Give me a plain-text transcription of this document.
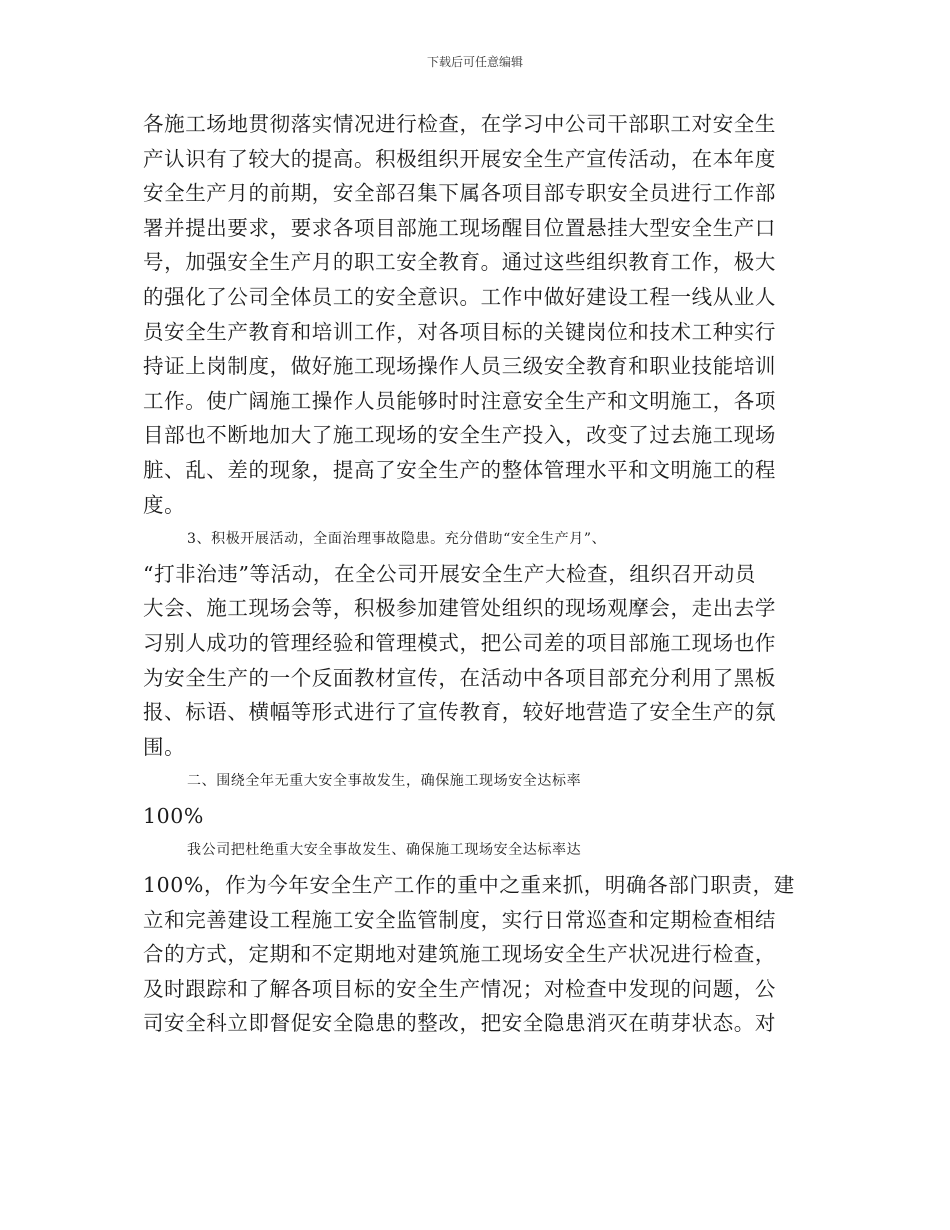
下载后可任意编辑
各施工场地贯彻落实情况进行检查，在学习中公司干部职工对安全生
产认识有了较大的提高。积极组织开展安全生产宣传活动，在本年度
安全生产月的前期，安全部召集下属各项目部专职安全员进行工作部
署并提出要求，要求各项目部施工现场醒目位置悬挂大型安全生产口
号，加强安全生产月的职工安全教育。通过这些组织教育工作，极大
的强化了公司全体员工的安全意识。工作中做好建设工程一线从业人
员安全生产教育和培训工作，对各项目标的关键岗位和技术工种实行
持证上岗制度，做好施工现场操作人员三级安全教育和职业技能培训
工作。使广阔施工操作人员能够时时注意安全生产和文明施工，各项
目部也不断地加大了施工现场的安全生产投入，改变了过去施工现场
脏、乱、差的现象，提高了安全生产的整体管理水平和文明施工的程
度。
3、积极开展活动，全面治理事故隐患。充分借助“安全生产月”、
“打非治违”等活动，在全公司开展安全生产大检查，组织召开动员
大会、施工现场会等，积极参加建管处组织的现场观摩会，走出去学
习别人成功的管理经验和管理模式，把公司差的项目部施工现场也作
为安全生产的一个反面教材宣传，在活动中各项目部充分利用了黑板
报、标语、横幅等形式进行了宣传教育，较好地营造了安全生产的氛
围。
二、围绕全年无重大安全事故发生，确保施工现场安全达标率
100%
我公司把杜绝重大安全事故发生、确保施工现场安全达标率达
100%，作为今年安全生产工作的重中之重来抓，明确各部门职责，建
立和完善建设工程施工安全监管制度，实行日常巡查和定期检查相结
合的方式，定期和不定期地对建筑施工现场安全生产状况进行检查，
及时跟踪和了解各项目标的安全生产情况；对检查中发现的问题，公
司安全科立即督促安全隐患的整改，把安全隐患消灭在萌芽状态。对
